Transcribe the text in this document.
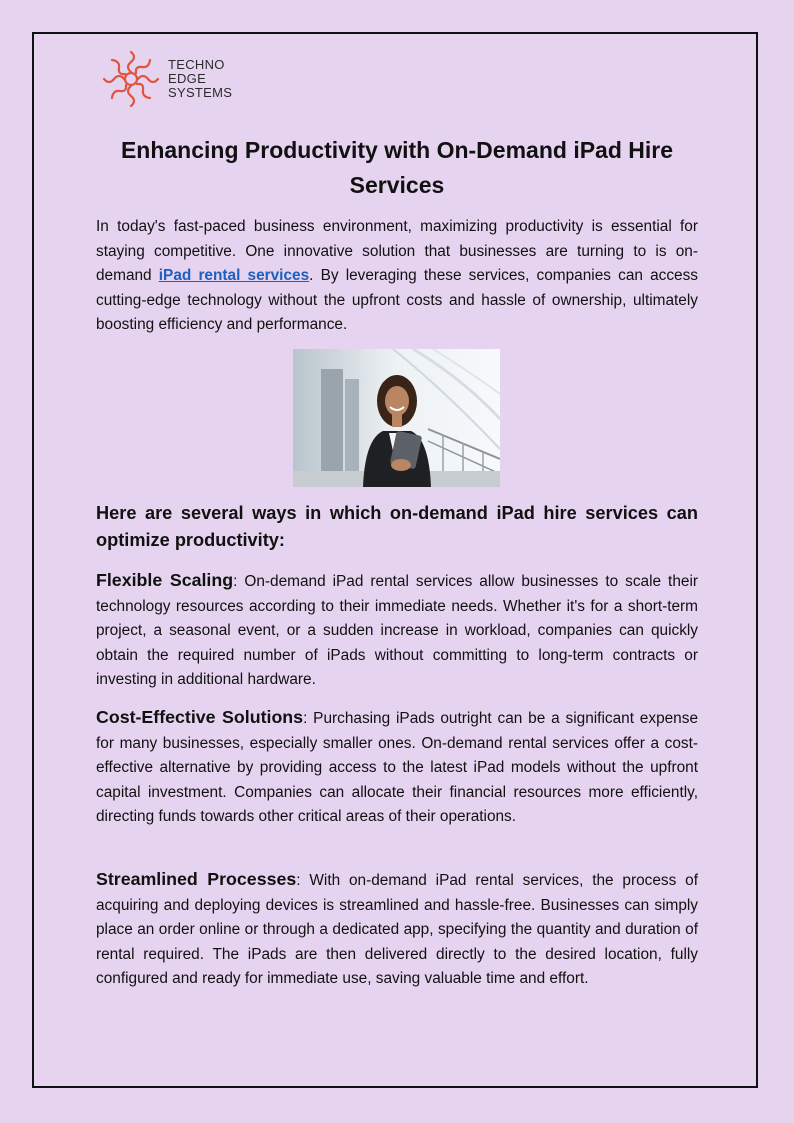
TECHNO
EDGE
SYSTEMS
Enhancing Productivity with On-Demand iPad Hire Services

In today's fast-paced business environment, maximizing productivity is essential for staying competitive. One innovative solution that businesses are turning to is on-demand iPad rental services. By leveraging these services, companies can access cutting-edge technology without the upfront costs and hassle of ownership, ultimately boosting efficiency and performance.

Here are several ways in which on-demand iPad hire services can optimize productivity:

Flexible Scaling: On-demand iPad rental services allow businesses to scale their technology resources according to their immediate needs. Whether it's for a short-term project, a seasonal event, or a sudden increase in workload, companies can quickly obtain the required number of iPads without committing to long-term contracts or investing in additional hardware.

Cost-Effective Solutions: Purchasing iPads outright can be a significant expense for many businesses, especially smaller ones. On-demand rental services offer a cost-effective alternative by providing access to the latest iPad models without the upfront capital investment. Companies can allocate their financial resources more efficiently, directing funds towards other critical areas of their operations.

Streamlined Processes: With on-demand iPad rental services, the process of acquiring and deploying devices is streamlined and hassle-free. Businesses can simply place an order online or through a dedicated app, specifying the quantity and duration of rental required. The iPads are then delivered directly to the desired location, fully configured and ready for immediate use, saving valuable time and effort.
